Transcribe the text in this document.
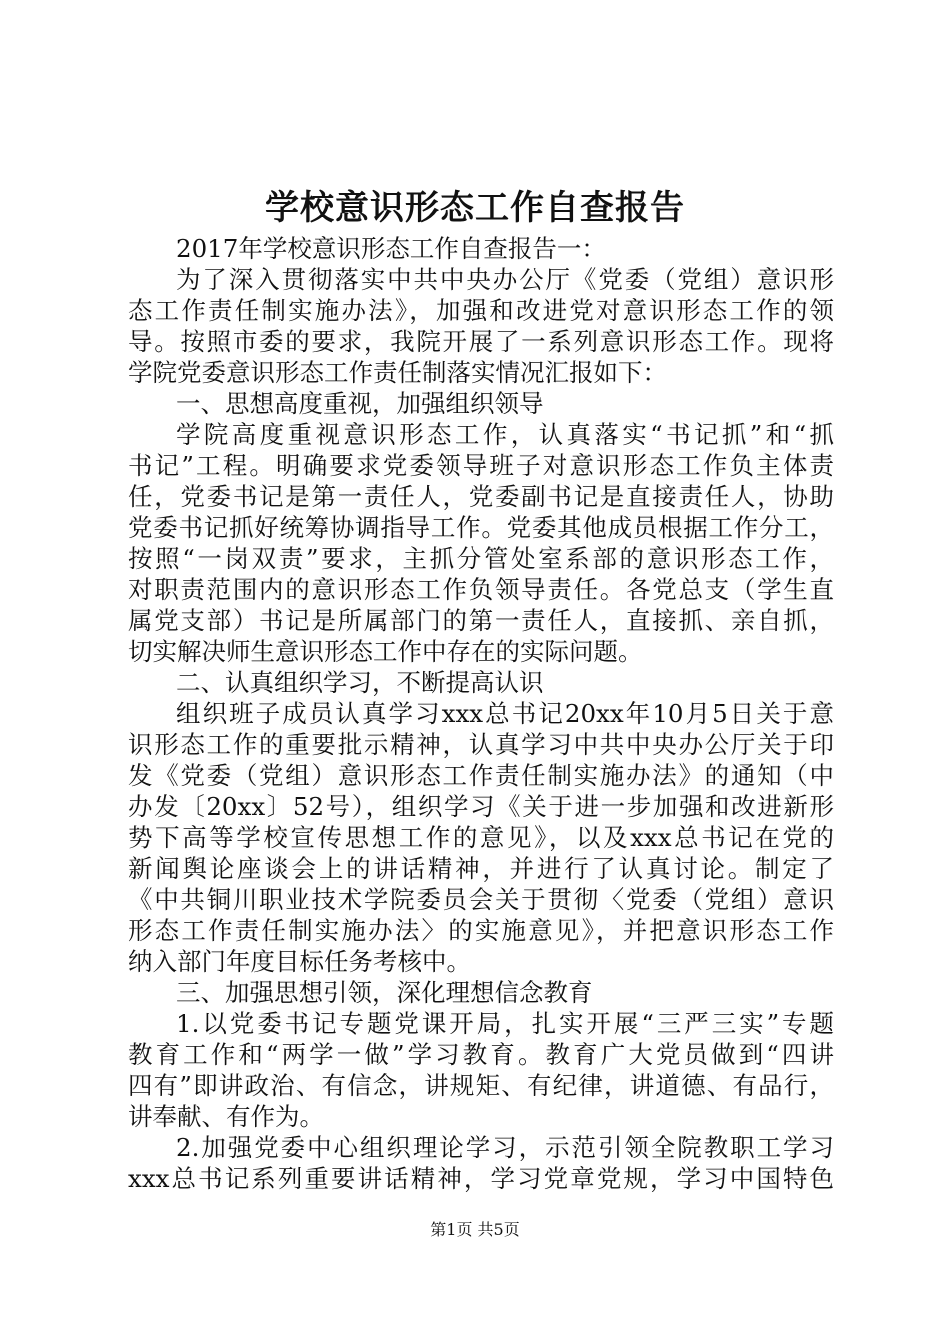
学校意识形态工作自查报告
2017年学校意识形态工作自查报告一：
为了深入贯彻落实中共中央办公厅《党委（党组）意识形
态工作责任制实施办法》，加强和改进党对意识形态工作的领
导。按照市委的要求，我院开展了一系列意识形态工作。现将
学院党委意识形态工作责任制落实情况汇报如下：
一、思想高度重视，加强组织领导
学院高度重视意识形态工作，认真落实“书记抓”和“抓
书记”工程。明确要求党委领导班子对意识形态工作负主体责
任，党委书记是第一责任人，党委副书记是直接责任人，协助
党委书记抓好统筹协调指导工作。党委其他成员根据工作分工，
按照“一岗双责”要求，主抓分管处室系部的意识形态工作，
对职责范围内的意识形态工作负领导责任。各党总支（学生直
属党支部）书记是所属部门的第一责任人，直接抓、亲自抓，
切实解决师生意识形态工作中存在的实际问题。
二、认真组织学习，不断提高认识
组织班子成员认真学习xxx总书记20xx年10月5日关于意
识形态工作的重要批示精神，认真学习中共中央办公厅关于印
发《党委（党组）意识形态工作责任制实施办法》的通知（中
办发〔20xx〕52号），组织学习《关于进一步加强和改进新形
势下高等学校宣传思想工作的意见》，以及xxx总书记在党的
新闻舆论座谈会上的讲话精神，并进行了认真讨论。制定了
《中共铜川职业技术学院委员会关于贯彻〈党委（党组）意识
形态工作责任制实施办法〉的实施意见》，并把意识形态工作
纳入部门年度目标任务考核中。
三、加强思想引领，深化理想信念教育
1.以党委书记专题党课开局，扎实开展“三严三实”专题
教育工作和“两学一做”学习教育。教育广大党员做到“四讲
四有”即讲政治、有信念，讲规矩、有纪律，讲道德、有品行，
讲奉献、有作为。
2.加强党委中心组织理论学习，示范引领全院教职工学习
xxx总书记系列重要讲话精神，学习党章党规，学习中国特色
第1页 共5页
